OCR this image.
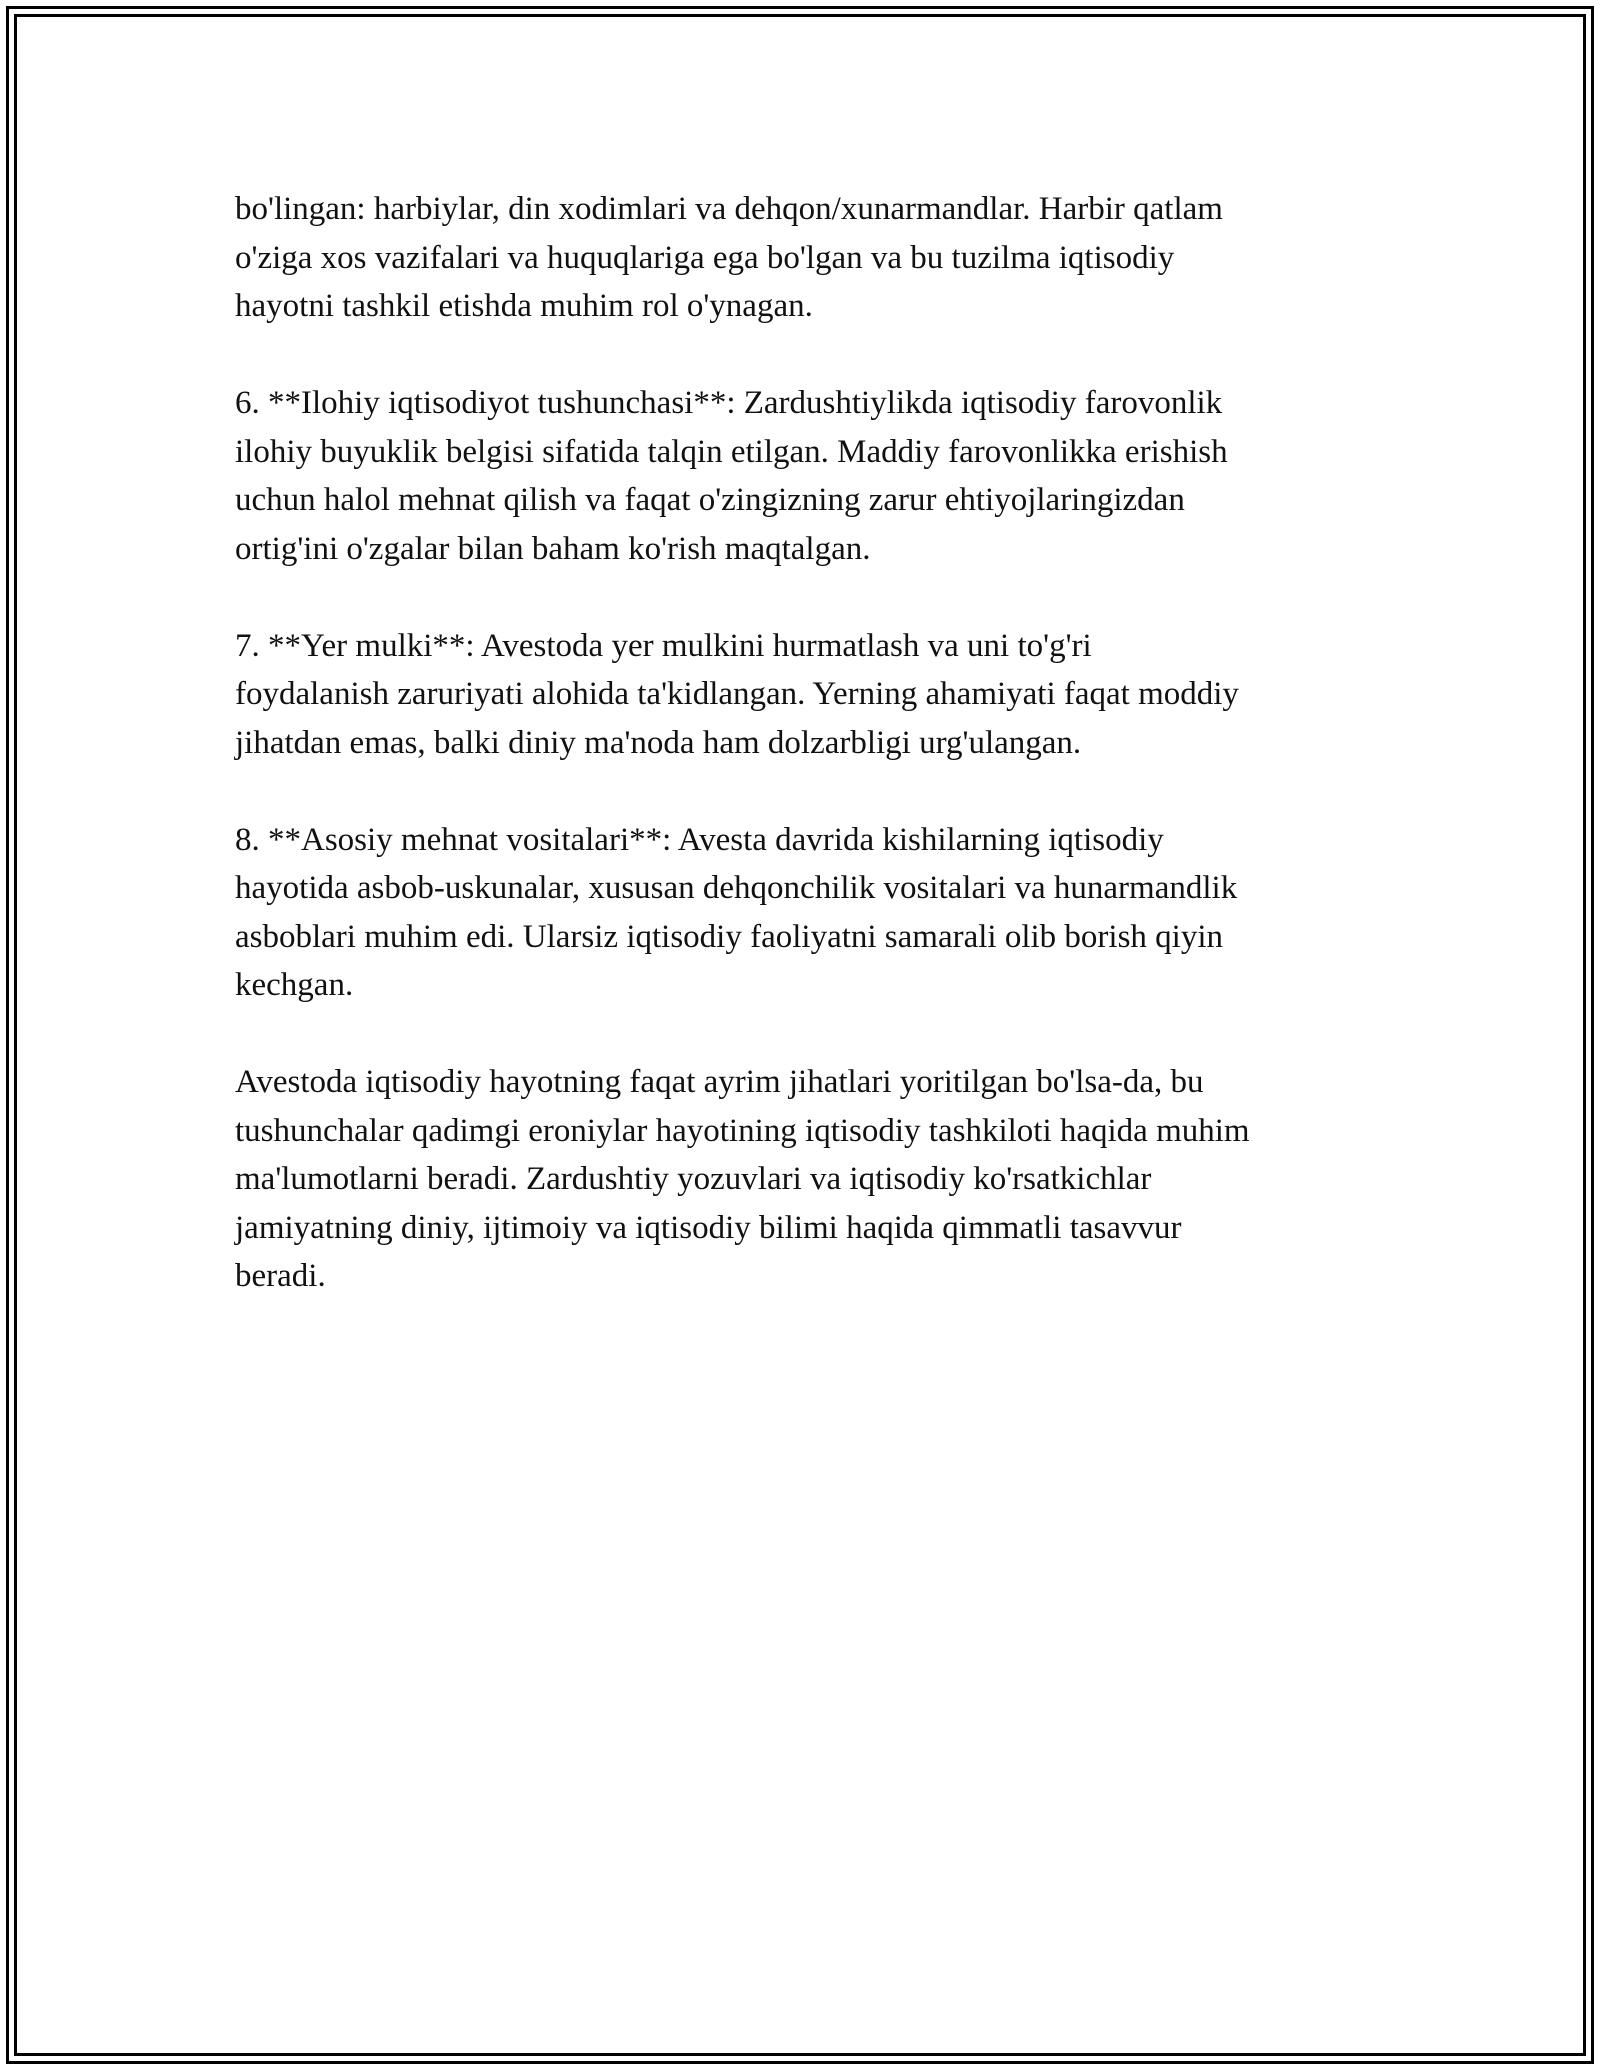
bo'lingan: harbiylar, din xodimlari va dehqon/xunarmandlar. Harbir qatlam

o'ziga xos vazifalari va huquqlariga ega bo'lgan va bu tuzilma iqtisodiy

hayotni tashkil etishda muhim rol o'ynagan.

6. **Ilohiy iqtisodiyot tushunchasi**: Zardushtiylikda iqtisodiy farovonlik

ilohiy buyuklik belgisi sifatida talqin etilgan. Maddiy farovonlikka erishish

uchun halol mehnat qilish va faqat o'zingizning zarur ehtiyojlaringizdan

ortig'ini o'zgalar bilan baham ko'rish maqtalgan.

7. **Yer mulki**: Avestoda yer mulkini hurmatlash va uni to'g'ri

foydalanish zaruriyati alohida ta'kidlangan. Yerning ahamiyati faqat moddiy

jihatdan emas, balki diniy ma'noda ham dolzarbligi urg'ulangan.

8. **Asosiy mehnat vositalari**: Avesta davrida kishilarning iqtisodiy

hayotida asbob-uskunalar, xususan dehqonchilik vositalari va hunarmandlik

asboblari muhim edi. Ularsiz iqtisodiy faoliyatni samarali olib borish qiyin

kechgan.

Avestoda iqtisodiy hayotning faqat ayrim jihatlari yoritilgan bo'lsa-da, bu

tushunchalar qadimgi eroniylar hayotining iqtisodiy tashkiloti haqida muhim

ma'lumotlarni beradi. Zardushtiy yozuvlari va iqtisodiy ko'rsatkichlar

jamiyatning diniy, ijtimoiy va iqtisodiy bilimi haqida qimmatli tasavvur

beradi.
